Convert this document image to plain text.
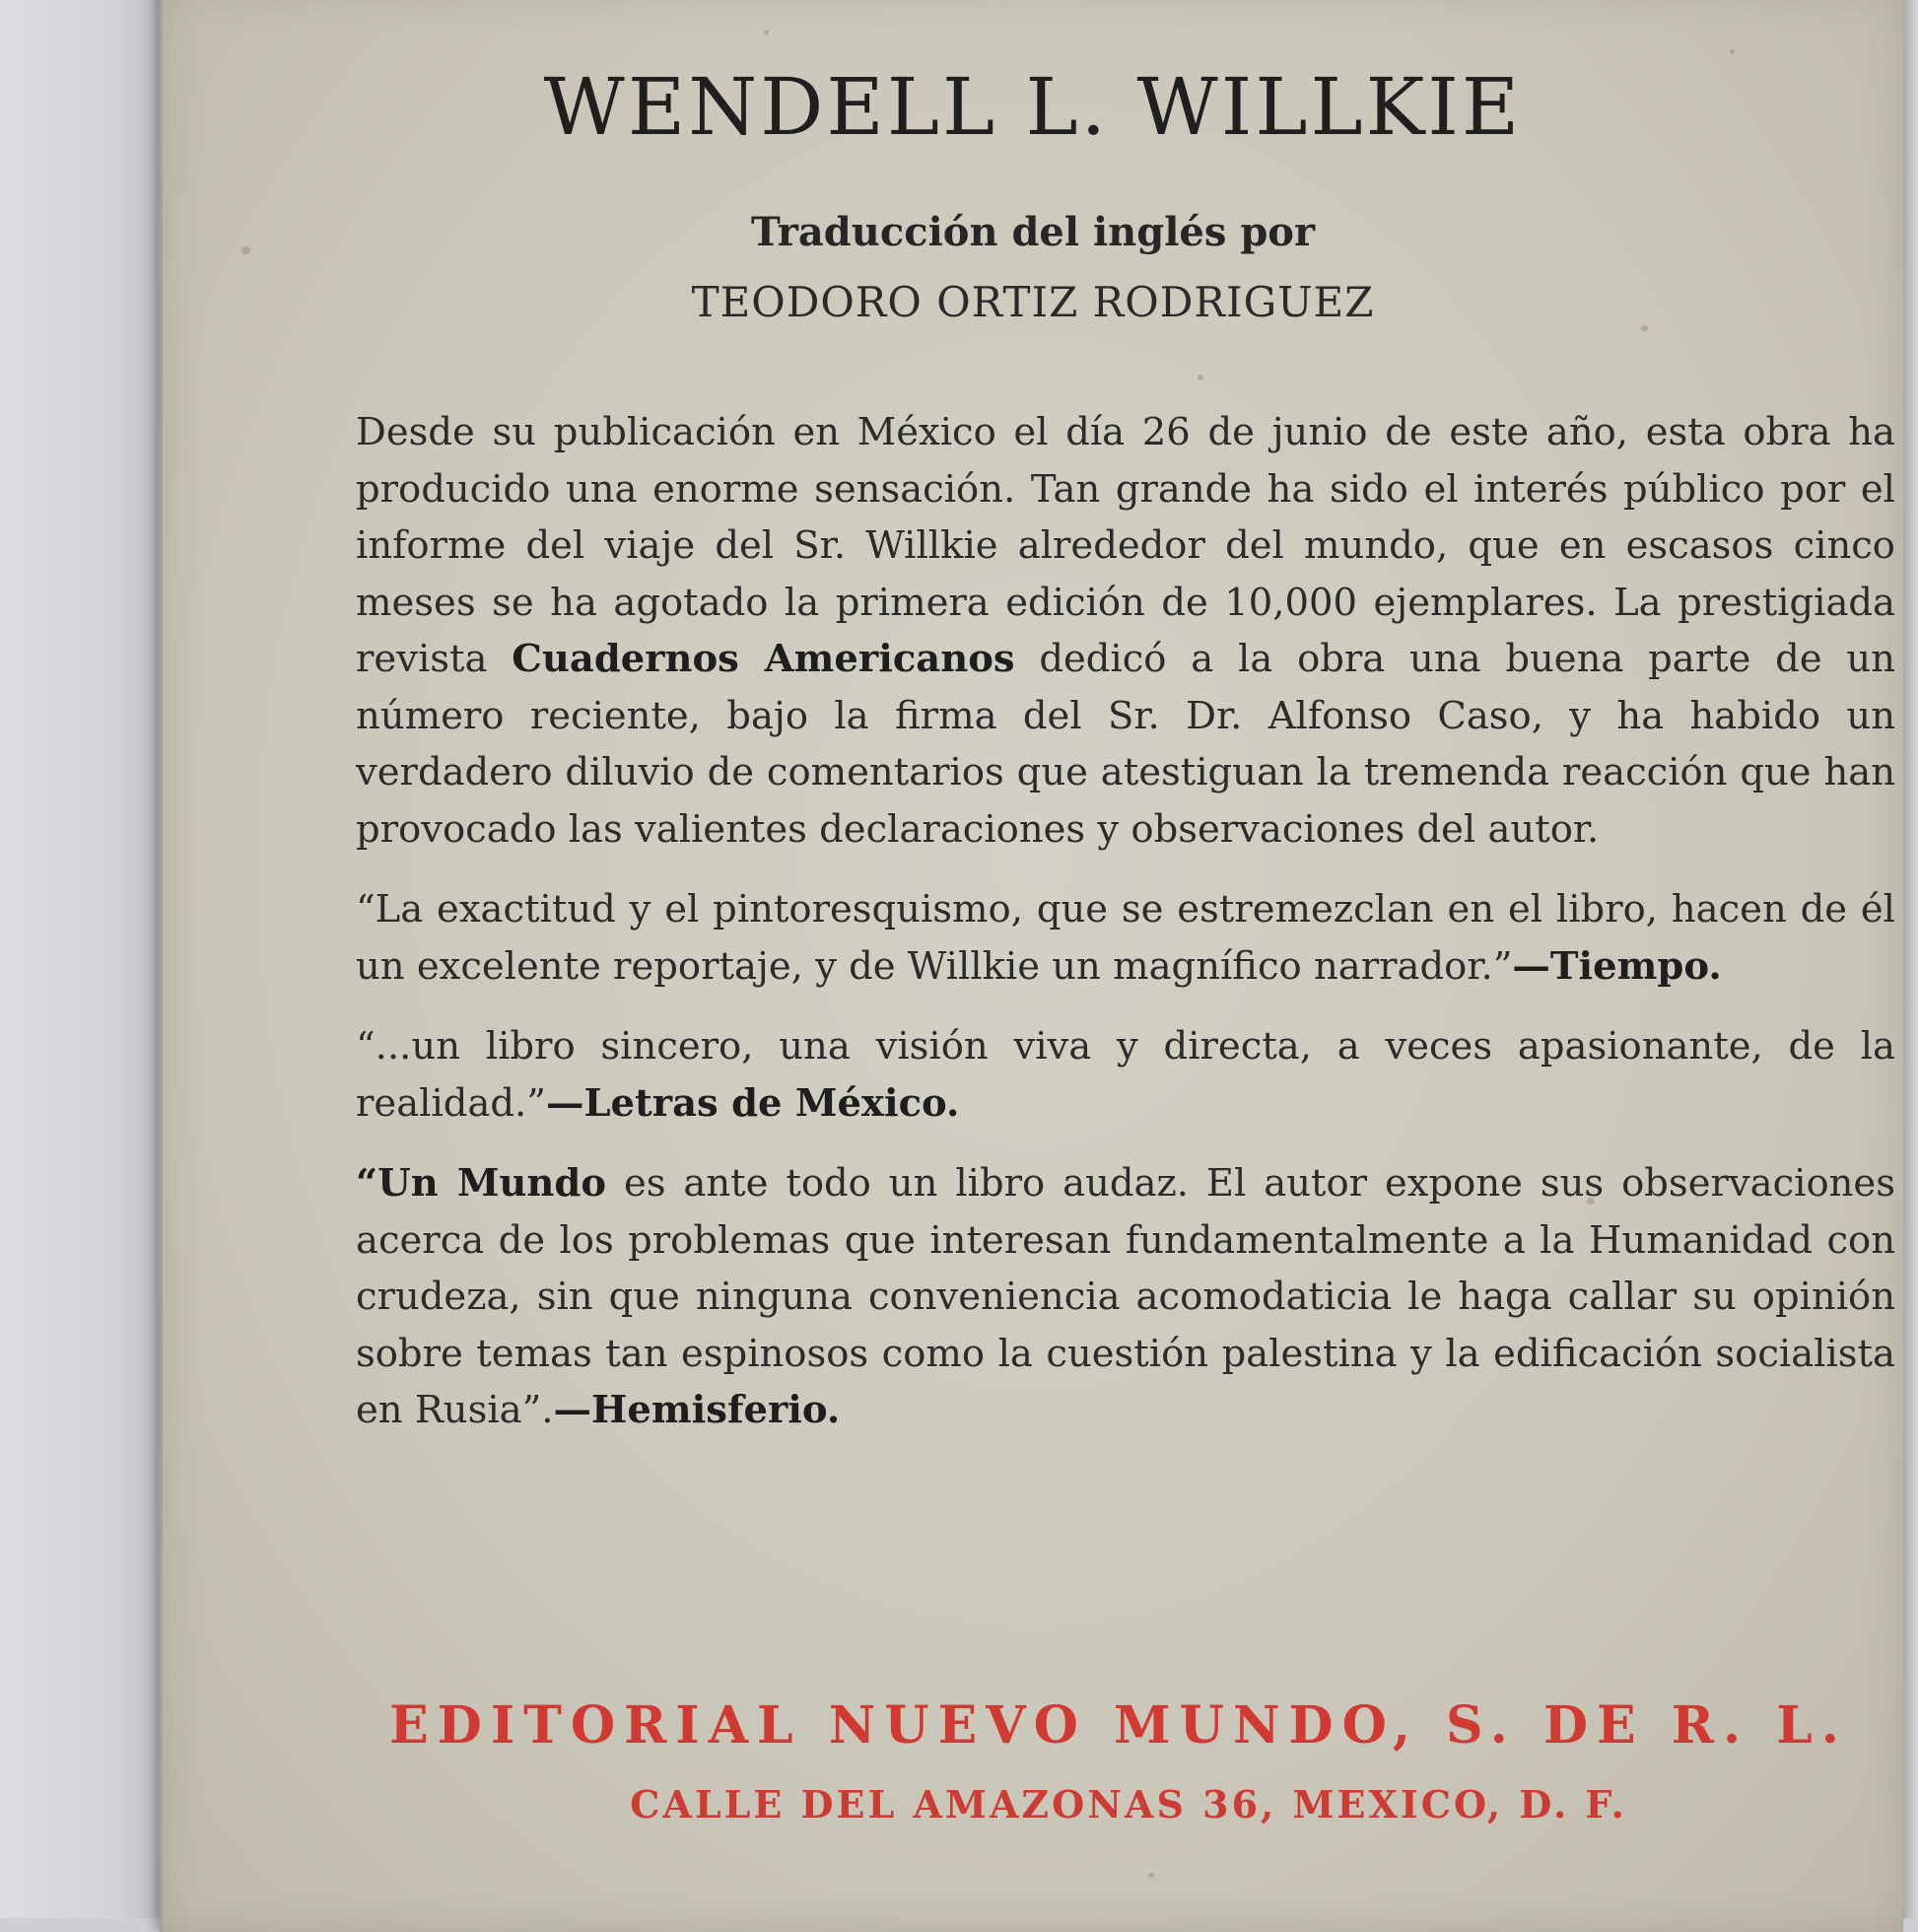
WENDELL L. WILLKIE
Traducción del inglés por
TEODORO ORTIZ RODRIGUEZ

Desde su publicación en México el día 26 de junio de este año, esta obra ha producido una enorme sensación. Tan grande ha sido el interés público por el informe del viaje del Sr. Willkie alrededor del mundo, que en escasos cinco meses se ha agotado la primera edición de 10,000 ejemplares. La prestigiada revista Cuadernos Americanos dedicó a la obra una buena parte de un número reciente, bajo la firma del Sr. Dr. Alfonso Caso, y ha habido un verdadero diluvio de comentarios que atestiguan la tremenda reacción que han provocado las valientes declaraciones y observaciones del autor.

“La exactitud y el pintoresquismo, que se estremezclan en el libro, hacen de él un excelente reportaje, y de Willkie un magnífico narrador.”—Tiempo.

“...un libro sincero, una visión viva y directa, a veces apasionante, de la realidad.”—Letras de México.

“Un Mundo es ante todo un libro audaz. El autor expone sus observaciones acerca de los problemas que interesan fundamentalmente a la Humanidad con crudeza, sin que ninguna conveniencia acomodaticia le haga callar su opinión sobre temas tan espinosos como la cuestión palestina y la edificación socialista en Rusia”.—Hemisferio.

EDITORIAL NUEVO MUNDO, S. DE R. L.
CALLE DEL AMAZONAS 36, MEXICO, D. F.
